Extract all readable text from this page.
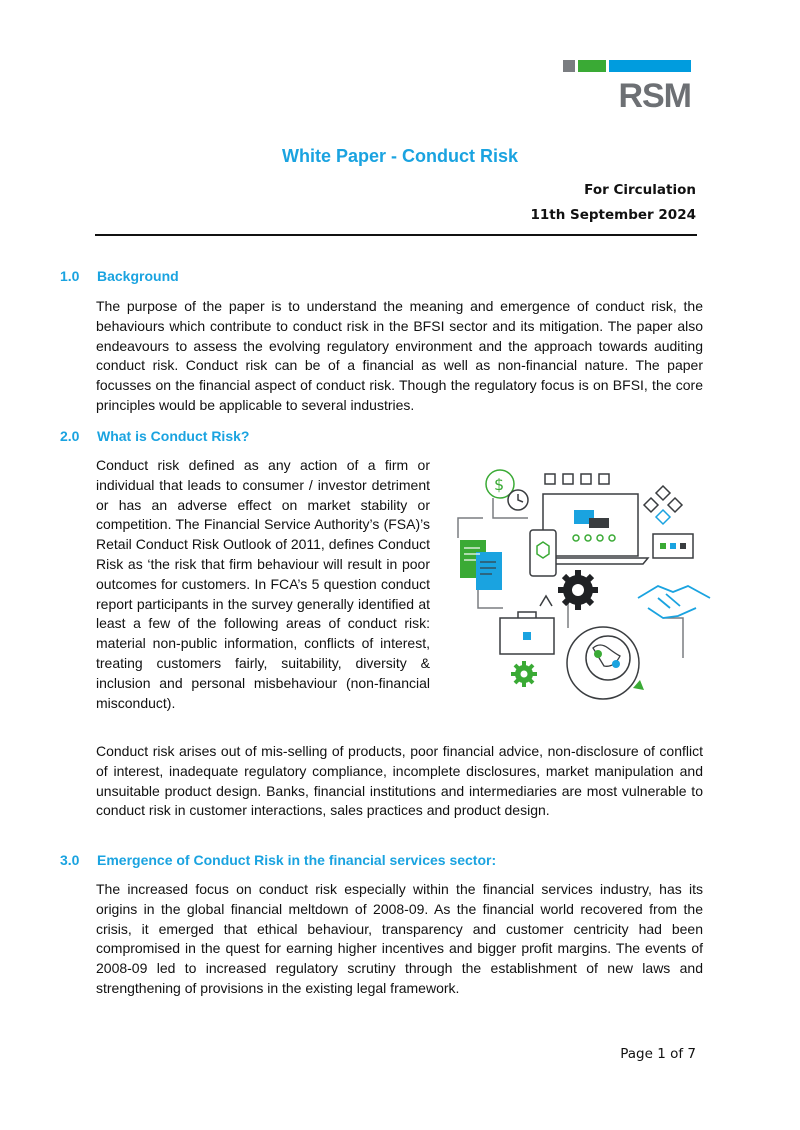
RSM
White Paper - Conduct Risk
For Circulation
11th September 2024
1.0 Background

The purpose of the paper is to understand the meaning and emergence of conduct risk, the behaviours which contribute to conduct risk in the BFSI sector and its mitigation. The paper also endeavours to assess the evolving regulatory environment and the approach towards auditing conduct risk. Conduct risk can be of a financial as well as non-financial nature. The paper focusses on the financial aspect of conduct risk. Though the regulatory focus is on BFSI, the core principles would be applicable to several industries.

2.0 What is Conduct Risk?

Conduct risk defined as any action of a firm or individual that leads to consumer / investor detriment or has an adverse effect on market stability or competition. The Financial Service Authority’s (FSA)’s Retail Conduct Risk Outlook of 2011, defines Conduct Risk as ‘the risk that firm behaviour will result in poor outcomes for customers. In FCA’s 5 question conduct report participants in the survey generally identified at least a few of the following areas of conduct risk: material non-public information, conflicts of interest, treating customers fairly, suitability, diversity & inclusion and personal misbehaviour (non-financial misconduct).

$

Conduct risk arises out of mis-selling of products, poor financial advice, non-disclosure of conflict of interest, inadequate regulatory compliance, incomplete disclosures, market manipulation and unsuitable product design. Banks, financial institutions and intermediaries are most vulnerable to conduct risk in customer interactions, sales practices and product design.

3.0 Emergence of Conduct Risk in the financial services sector:

The increased focus on conduct risk especially within the financial services industry, has its origins in the global financial meltdown of 2008-09. As the financial world recovered from the crisis, it emerged that ethical behaviour, transparency and customer centricity had been compromised in the quest for earning higher incentives and bigger profit margins. The events of 2008-09 led to increased regulatory scrutiny through the establishment of new laws and strengthening of provisions in the existing legal framework.

Page 1 of 7
